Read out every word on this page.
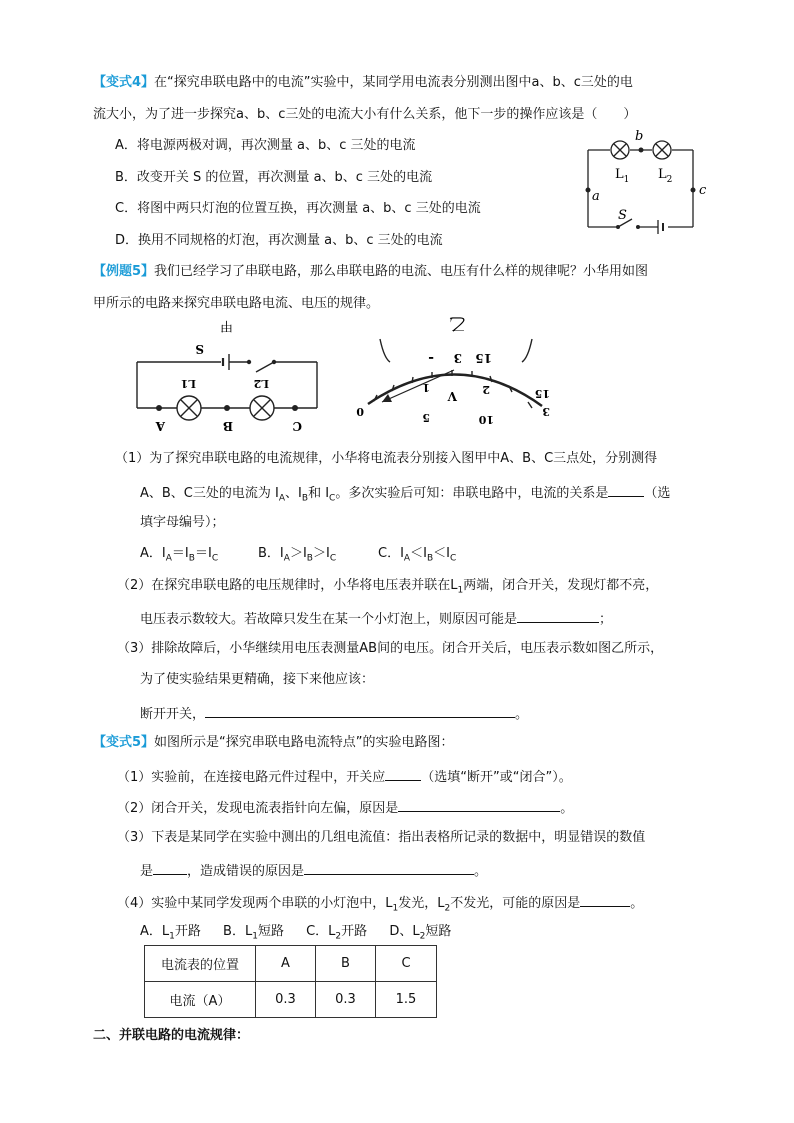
【变式4】在“探究串联电路中的电流”实验中，某同学用电流表分别测出图中a、b、c三处的电
流大小，为了进一步探究a、b、c三处的电流大小有什么关系，他下一步的操作应该是（　　）
A．将电源两极对调，再次测量 a、b、c 三处的电流
B．改变开关 S 的位置，再次测量 a、b、c 三处的电流
C．将图中两只灯泡的位置互换，再次测量 a、b、c 三处的电流
D．换用不同规格的灯泡，再次测量 a、b、c 三处的电流
b
a	c
S
$L_1$ $L_2$
【例题5】我们已经学习了串联电路，那么串联电路的电流、电压有什么样的规律呢？小华用如图
甲所示的电路来探究串联电路电流、电压的规律。
甲
C
B
A
L2
L1
S
乙
15
3
-
3
2
1
0
10
5
15
V
（1）为了探究串联电路的电流规律，小华将电流表分别接入图甲中A、B、C三点处，分别测得
A、B、C三处的电流为 $I_A$、$I_B$和 $I_C$。多次实验后可知：串联电路中，电流的关系是	（选
填字母编号）；
A．$I_A=I_B=I_C$	B．$I_A>I_B>I_C$	C．$I_A<I_B<I_C$
（2）在探究串联电路的电压规律时，小华将电压表并联在$L_1$两端，闭合开关，发现灯都不亮，
电压表示数较大。若故障只发生在某一个小灯泡上，则原因可能是	；
（3）排除故障后，小华继续用电压表测量AB间的电压。闭合开关后，电压表示数如图乙所示，
为了使实验结果更精确，接下来他应该：
断开开关，	。
【变式5】如图所示是“探究串联电路电流特点”的实验电路图：
（1）实验前，在连接电路元件过程中，开关应	（选填“断开”或“闭合”）。
（2）闭合开关，发现电流表指针向左偏，原因是	。
（3）下表是某同学在实验中测出的几组电流值：指出表格所记录的数据中，明显错误的数值
是	，造成错误的原因是	。
（4）实验中某同学发现两个串联的小灯泡中，$L_1$发光，$L_2$不发光，可能的原因是	。
A．$L_1$开路 B．$L_1$短路 C．$L_2$开路 D、$L_2$短路
电流表的位置	A	B	C
电流（A）	0.3	0.3	1.5
二、并联电路的电流规律：
